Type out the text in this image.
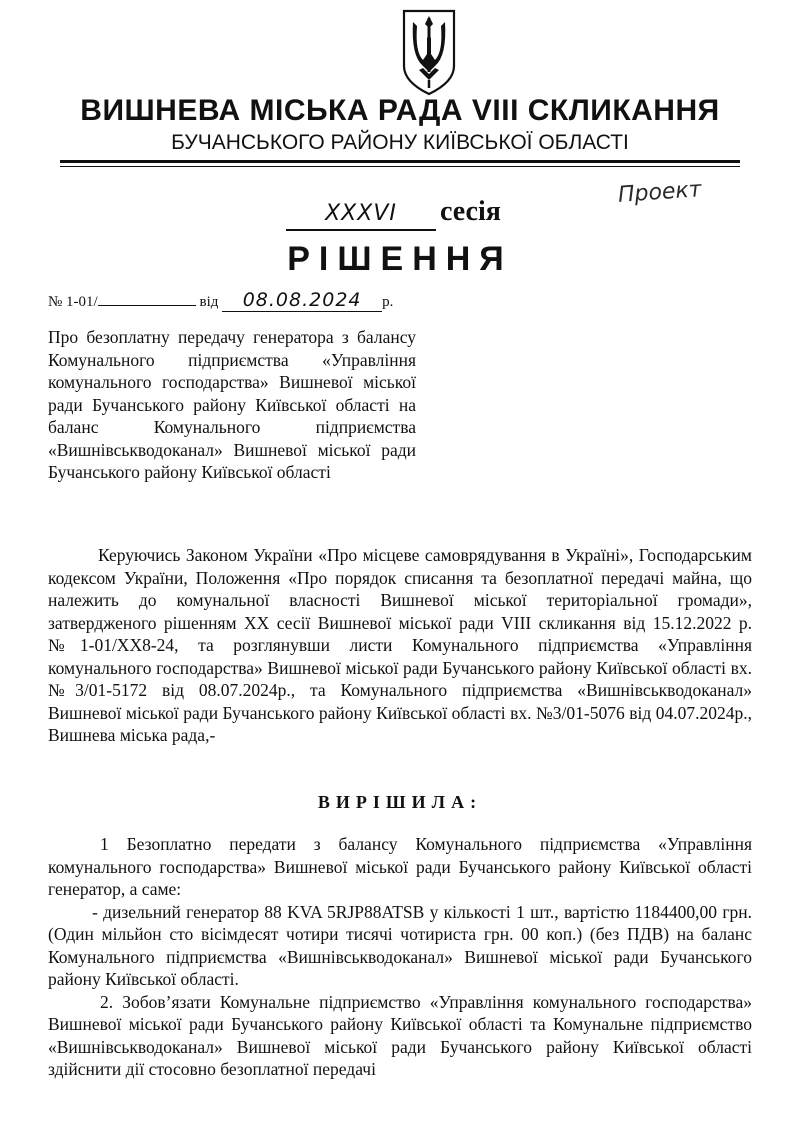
ВИШНЕВА МІСЬКА РАДА VIII СКЛИКАННЯ
БУЧАНСЬКОГО РАЙОНУ КИЇВСЬКОЇ ОБЛАСТІ
Проект
XXXVI сесія
РІШЕННЯ
№ 1-01/	від 08.08.2024 р.
Про безоплатну передачу генератора з балансу Комунального підприємства «Управління комунального господарства» Вишневої міської ради Бучанського району Київської області на баланс Комунального підприємства «Вишнівськводоканал» Вишневої міської ради Бучанського району Київської області

Керуючись Законом України «Про місцеве самоврядування в Україні», Господарським кодексом України, Положення «Про порядок списання та безоплатної передачі майна, що належить до комунальної власності Вишневої міської територіальної громади», затвердженого рішенням XX сесії Вишневої міської ради VIII скликання від 15.12.2022 р. №1-01/XX8-24, та розглянувши листи Комунального підприємства «Управління комунального господарства» Вишневої міської ради Бучанського району Київської області вх. №3/01-5172 від 08.07.2024р., та Комунального підприємства «Вишнівськводоканал» Вишневої міської ради Бучанського району Київської області вх. №3/01-5076 від 04.07.2024р., Вишнева міська рада,-

ВИРІШИЛА:

1 Безоплатно передати з балансу Комунального підприємства «Управління комунального господарства» Вишневої міської ради Бучанського району Київської області генератор, а саме:

- дизельний генератор 88 KVA 5RJP88ATSB у кількості 1 шт., вартістю 1184400,00 грн. (Один мільйон сто вісімдесят чотири тисячі чотириста грн. 00 коп.) (без ПДВ) на баланс Комунального підприємства «Вишнівськводоканал» Вишневої міської ради Бучанського району Київської області.

2. Зобов’язати Комунальне підприємство «Управління комунального господарства» Вишневої міської ради Бучанського району Київської області та Комунальне підприємство «Вишнівськводоканал» Вишневої міської ради Бучанського району Київської області здійснити дії стосовно безоплатної передачі
